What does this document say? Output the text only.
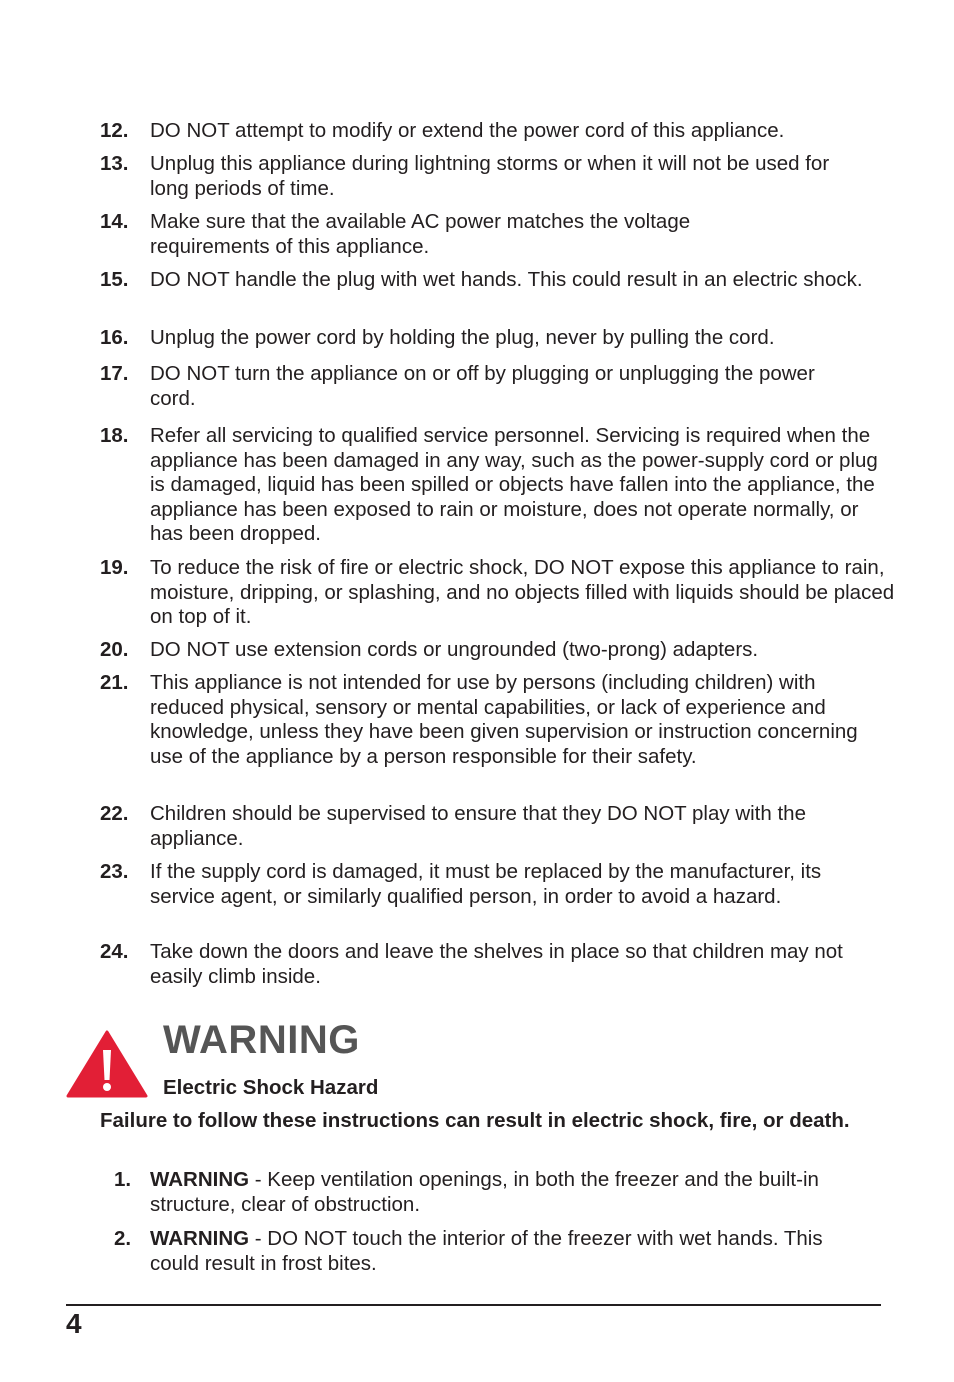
12.	DO NOT attempt to modify or extend the power cord of this appliance.
13.	Unplug this appliance during lightning storms or when it will not be used for long periods of time.
14.	Make sure that the available AC power matches the voltage requirements of this appliance.
15.	DO NOT handle the plug with wet hands. This could result in an electric shock.
16.	Unplug the power cord by holding the plug, never by pulling the cord.
17.	DO NOT turn the appliance on or off by plugging or unplugging the power cord.
18.	Refer all servicing to qualified service personnel. Servicing is required when the appliance has been damaged in any way, such as the power-supply cord or plug is damaged, liquid has been spilled or objects have fallen into the appliance, the appliance has been exposed to rain or moisture, does not operate normally, or has been dropped.
19.	To reduce the risk of fire or electric shock, DO NOT expose this appliance to rain, moisture, dripping, or splashing, and no objects filled with liquids should be placed on top of it.
20.	DO NOT use extension cords or ungrounded (two-prong) adapters.
21.	This appliance is not intended for use by persons (including children) with reduced physical, sensory or mental capabilities, or lack of experience and knowledge, unless they have been given supervision or instruction concerning use of the appliance by a person responsible for their safety.
22.	Children should be supervised to ensure that they DO NOT play with the appliance.
23.	If the supply cord is damaged, it must be replaced by the manufacturer, its service agent, or similarly qualified person, in order to avoid a hazard.
24.	Take down the doors and leave the shelves in place so that children may not easily climb inside.
WARNING
Electric Shock Hazard
Failure to follow these instructions can result in electric shock, fire, or death.
1. WARNING - Keep ventilation openings, in both the freezer and the built-in structure, clear of obstruction.
2. WARNING - DO NOT touch the interior of the freezer with wet hands. This could result in frost bites.
4
